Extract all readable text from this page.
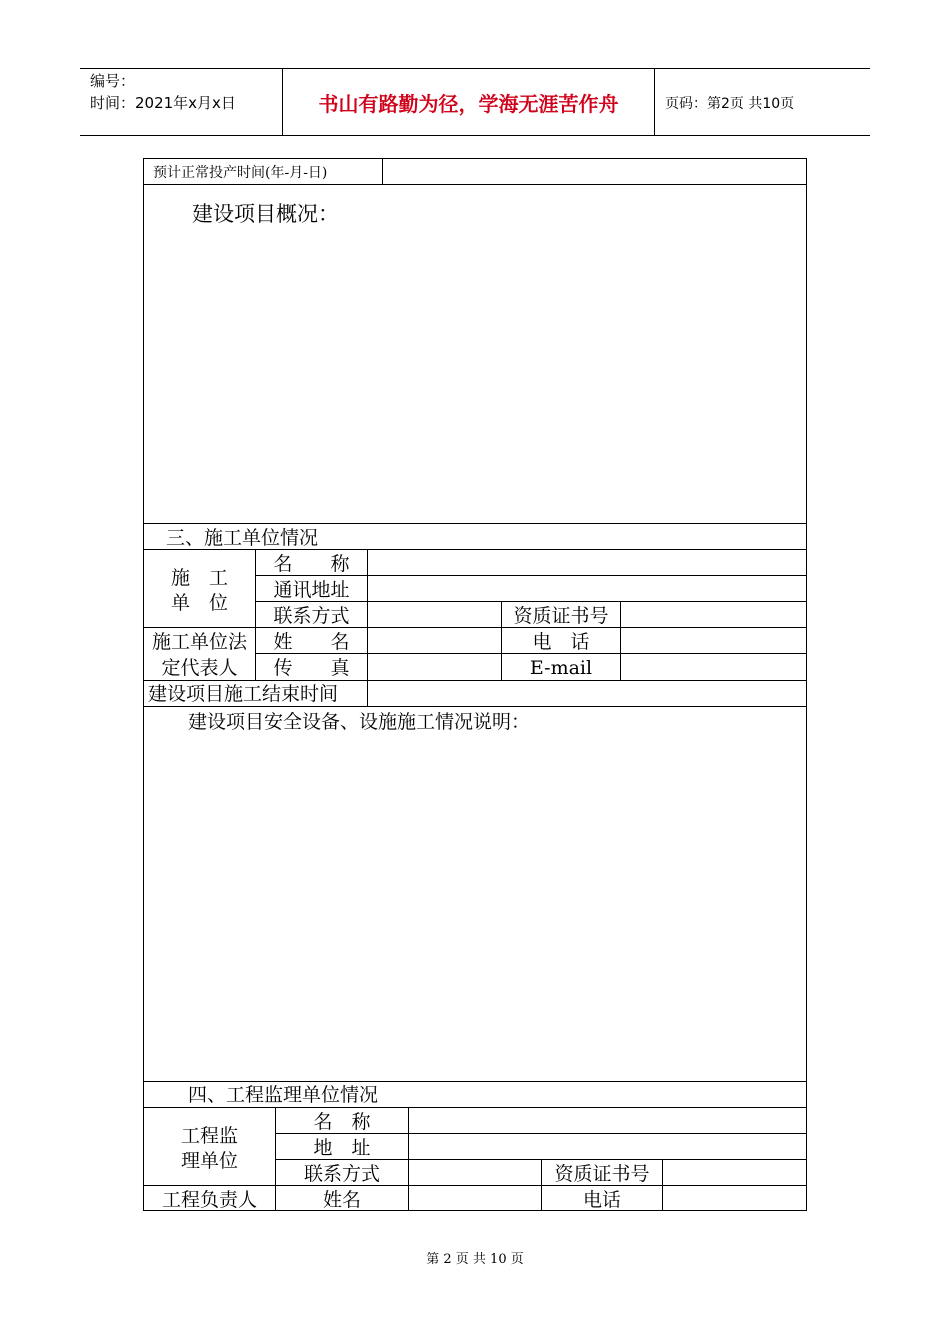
编号：
时间：2021年x月x日	书山有路勤为径，学海无涯苦作舟	页码：第2页 共10页
预计正常投产时间(年-月-日)
建设项目概况：
三、施工单位情况
施　工
单　位
名　　称
通讯地址
联系方式	资质证书号
施工单位法
定代表人
姓　　名	电　话
传　　真	E-mail
建设项目施工结束时间
建设项目安全设备、设施施工情况说明：
四、工程监理单位情况
工程监
理单位
名　称
地　址
联系方式	资质证书号
工程负责人	姓名	电话
第 2 页 共 10 页
